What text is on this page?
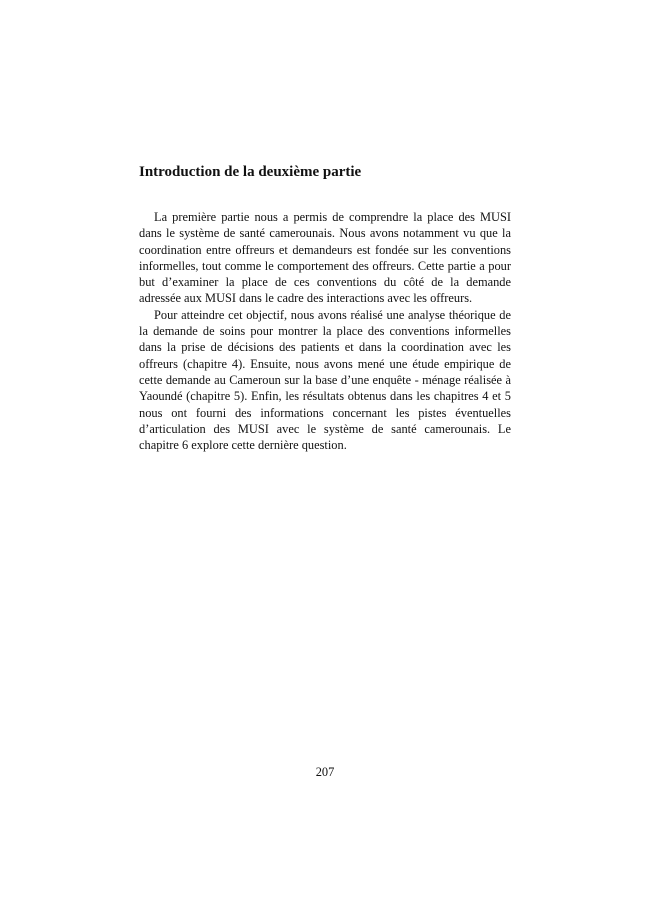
Introduction de la deuxième partie

La première partie nous a permis de comprendre la place des MUSI dans le système de santé camerounais. Nous avons notamment vu que la coordination entre offreurs et demandeurs est fondée sur les conventions informelles, tout comme le comportement des offreurs. Cette partie a pour but d’examiner la place de ces conventions du côté de la demande adressée aux MUSI dans le cadre des interactions avec les offreurs.

Pour atteindre cet objectif, nous avons réalisé une analyse théorique de la demande de soins pour montrer la place des conventions informelles dans la prise de décisions des patients et dans la coordination avec les offreurs (chapitre 4). Ensuite, nous avons mené une étude empirique de cette demande au Cameroun sur la base d’une enquête - ménage réalisée à Yaoundé (chapitre 5). Enfin, les résultats obtenus dans les chapitres 4 et 5 nous ont fourni des informations concernant les pistes éventuelles d’articulation des MUSI avec le système de santé camerounais. Le chapitre 6 explore cette dernière question.

207
